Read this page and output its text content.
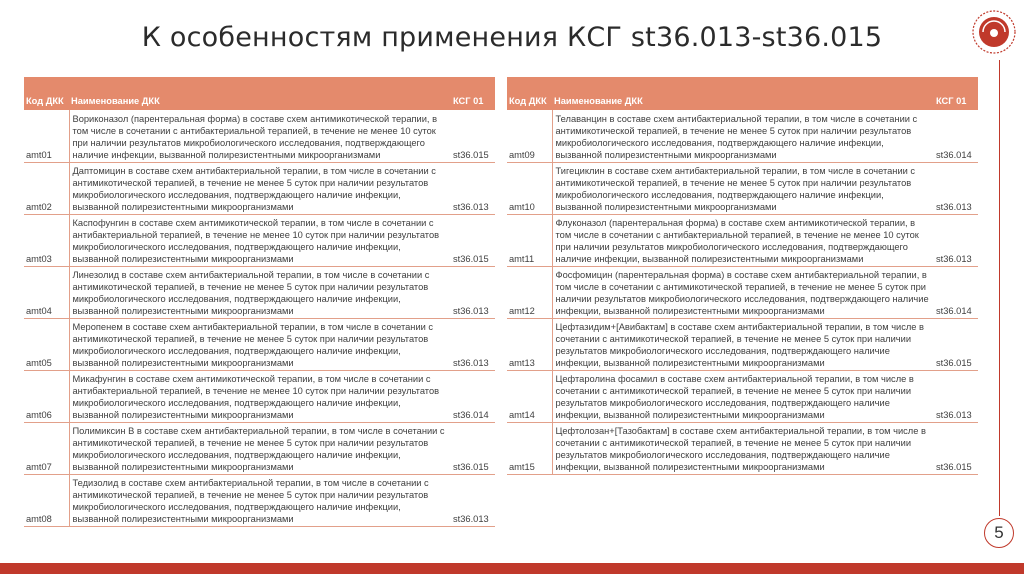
К особенностям применения КСГ st36.013-st36.015
5
Код ДКК	Наименование ДКК	КСГ 01
amt01	Вориконазол (парентеральная форма) в составе схем антимикотической терапии, в том числе в сочетании с антибактериальной терапией, в течение не менее 10 суток при наличии результатов микробиологического исследования, подтверждающего наличие инфекции, вызванной полирезистентными микроорганизмами	st36.015
amt02	Даптомицин в составе схем антибактериальной терапии, в том числе в сочетании с антимикотической терапией, в течение не менее 5 суток при наличии результатов микробиологического исследования, подтверждающего наличие инфекции, вызванной полирезистентными микроорганизмами	st36.013
amt03	Каспофунгин в составе схем антимикотической терапии, в том числе в сочетании с антибактериальной терапией, в течение не менее 10 суток при наличии результатов микробиологического исследования, подтверждающего наличие инфекции, вызванной полирезистентными микроорганизмами	st36.015
amt04	Линезолид в составе схем антибактериальной терапии, в том числе в сочетании с антимикотической терапией, в течение не менее 5 суток при наличии результатов микробиологического исследования, подтверждающего наличие инфекции, вызванной полирезистентными микроорганизмами	st36.013
amt05	Меропенем в составе схем антибактериальной терапии, в том числе в сочетании с антимикотической терапией, в течение не менее 5 суток при наличии результатов микробиологического исследования, подтверждающего наличие инфекции, вызванной полирезистентными микроорганизмами	st36.013
amt06	Микафунгин в составе схем антимикотической терапии, в том числе в сочетании с антибактериальной терапией, в течение не менее 10 суток при наличии результатов микробиологического исследования, подтверждающего наличие инфекции, вызванной полирезистентными микроорганизмами	st36.014
amt07	Полимиксин В в составе схем антибактериальной терапии, в том числе в сочетании с антимикотической терапией, в течение не менее 5 суток при наличии результатов микробиологического исследования, подтверждающего наличие инфекции, вызванной полирезистентными микроорганизмами	st36.015
amt08	Тедизолид в составе схем антибактериальной терапии, в том числе в сочетании с антимикотической терапией, в течение не менее 5 суток при наличии результатов микробиологического исследования, подтверждающего наличие инфекции, вызванной полирезистентными микроорганизмами	st36.013
Код ДКК	Наименование ДКК	КСГ 01
amt09	Телаванцин в составе схем антибактериальной терапии, в том числе в сочетании с антимикотической терапией, в течение не менее 5 суток при наличии результатов микробиологического исследования, подтверждающего наличие инфекции, вызванной полирезистентными микроорганизмами	st36.014
amt10	Тигециклин в составе схем антибактериальной терапии, в том числе в сочетании с антимикотической терапией, в течение не менее 5 суток при наличии результатов микробиологического исследования, подтверждающего наличие инфекции, вызванной полирезистентными микроорганизмами	st36.013
amt11	Флуконазол (парентеральная форма) в составе схем антимикотической терапии, в том числе в сочетании с антибактериальной терапией, в течение не менее 10 суток при наличии результатов микробиологического исследования, подтверждающего наличие инфекции, вызванной полирезистентными микроорганизмами	st36.013
amt12	Фосфомицин (парентеральная форма) в составе схем антибактериальной терапии, в том числе в сочетании с антимикотической терапией, в течение не менее 5 суток при наличии результатов микробиологического исследования, подтверждающего наличие инфекции, вызванной полирезистентными микроорганизмами	st36.014
amt13	Цефтазидим+[Авибактам] в составе схем антибактериальной терапии, в том числе в сочетании с антимикотической терапией, в течение не менее 5 суток при наличии результатов микробиологического исследования, подтверждающего наличие инфекции, вызванной полирезистентными микроорганизмами	st36.015
amt14	Цефтаролина фосамил в составе схем антибактериальной терапии, в том числе в сочетании с антимикотической терапией, в течение не менее 5 суток при наличии результатов микробиологического исследования, подтверждающего наличие инфекции, вызванной полирезистентными микроорганизмами	st36.013
amt15	Цефтолозан+[Тазобактам] в составе схем антибактериальной терапии, в том числе в сочетании с антимикотической терапией, в течение не менее 5 суток при наличии результатов микробиологического исследования, подтверждающего наличие инфекции, вызванной полирезистентными микроорганизмами	st36.015
